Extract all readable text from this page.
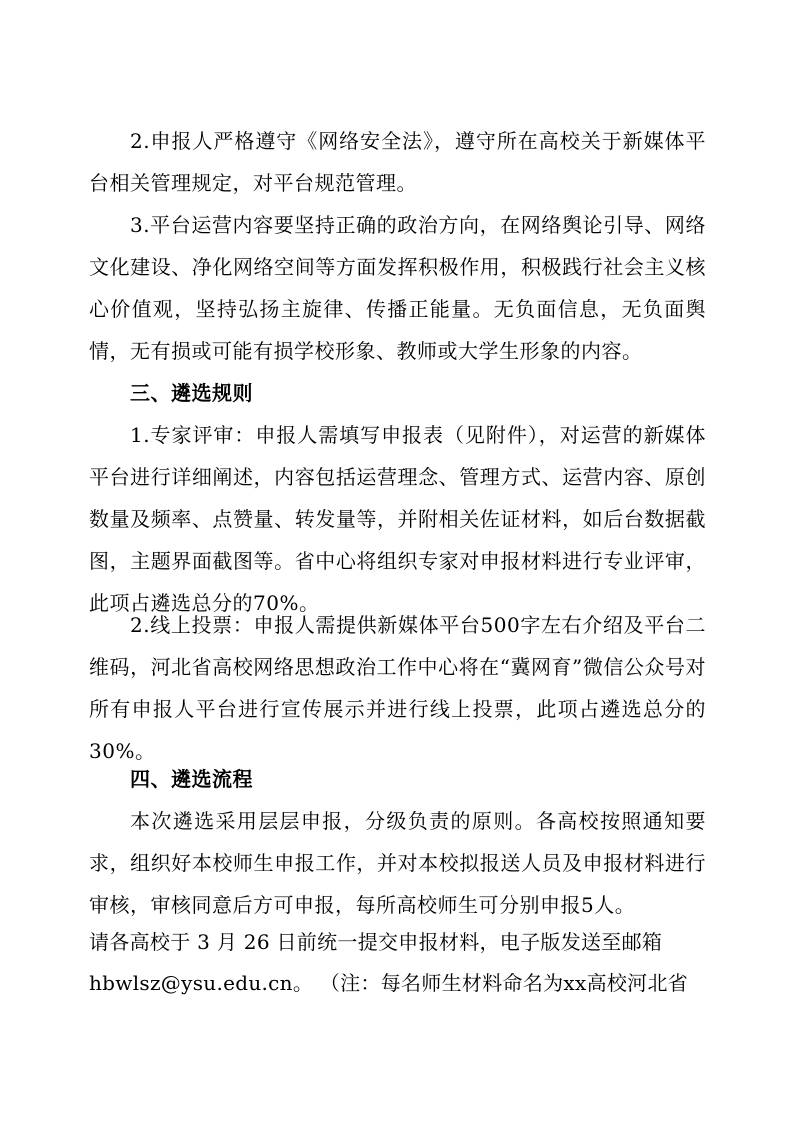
2.申报人严格遵守《网络安全法》，遵守所在高校关于新媒体平台相关管理规定，对平台规范管理。

3.平台运营内容要坚持正确的政治方向，在网络舆论引导、网络文化建设、净化网络空间等方面发挥积极作用，积极践行社会主义核心价值观，坚持弘扬主旋律、传播正能量。无负面信息，无负面舆情，无有损或可能有损学校形象、教师或大学生形象的内容。

三、遴选规则

1.专家评审：申报人需填写申报表（见附件），对运营的新媒体平台进行详细阐述，内容包括运营理念、管理方式、运营内容、原创数量及频率、点赞量、转发量等，并附相关佐证材料，如后台数据截图，主题界面截图等。省中心将组织专家对申报材料进行专业评审，此项占遴选总分的70%。

2.线上投票：申报人需提供新媒体平台500字左右介绍及平台二维码，河北省高校网络思想政治工作中心将在“冀网育”微信公众号对所有申报人平台进行宣传展示并进行线上投票，此项占遴选总分的30%。

四、遴选流程

本次遴选采用层层申报，分级负责的原则。各高校按照通知要求，组织好本校师生申报工作，并对本校拟报送人员及申报材料进行审核，审核同意后方可申报，每所高校师生可分别申报5人。

请各高校于 3 月 26 日前统一提交申报材料，电子版发送至邮箱

hbwlsz@ysu.edu.cn。 （注：每名师生材料命名为xx高校河北省
